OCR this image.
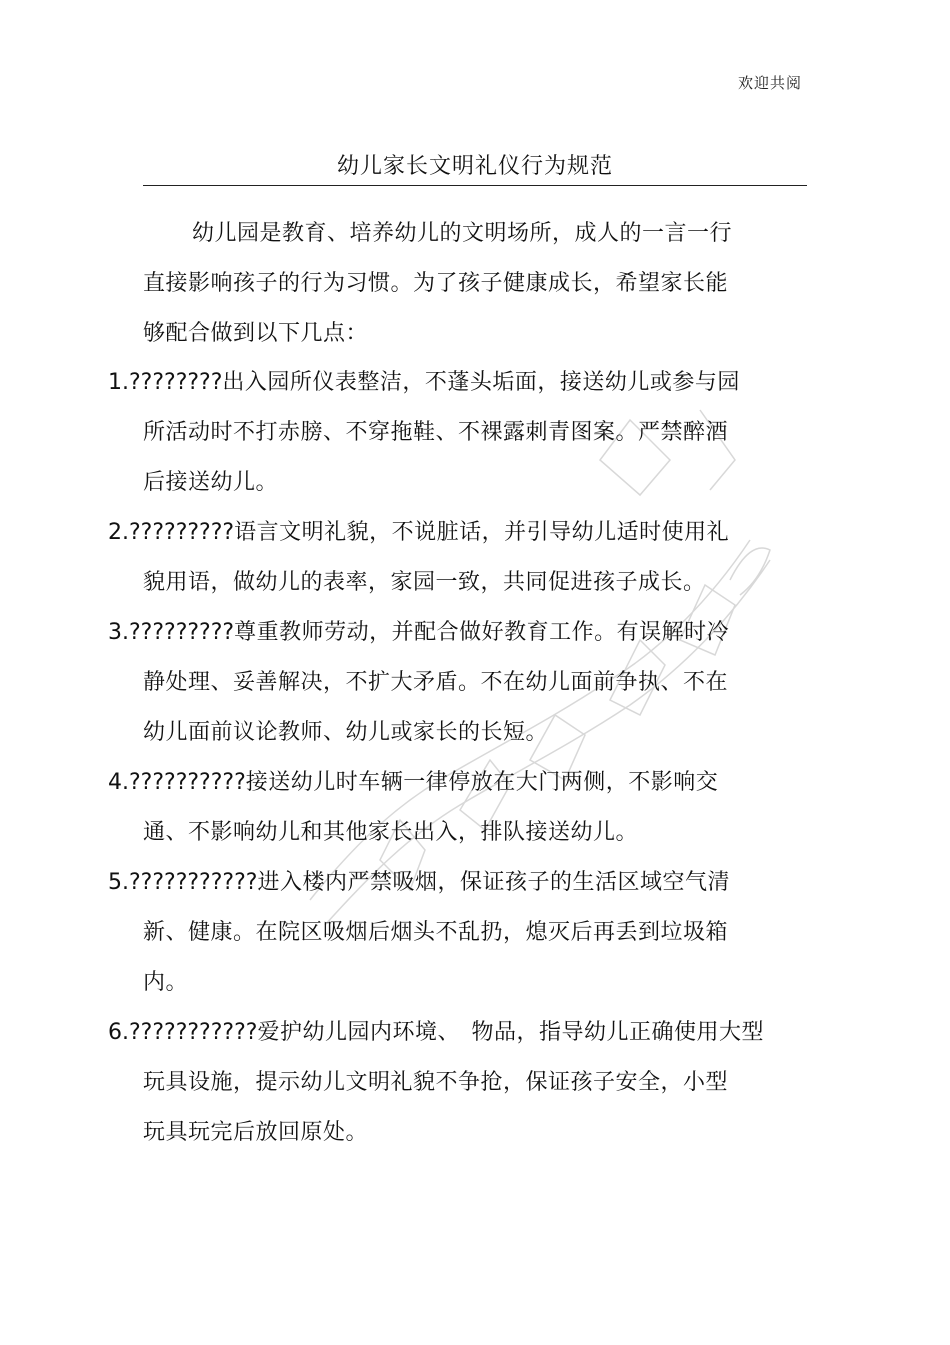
欢迎共阅
幼儿家长文明礼仪行为规范
幼儿园是教育、培养幼儿的文明场所，成人的一言一行
直接影响孩子的行为习惯。为了孩子健康成长，希望家长能
够配合做到以下几点：
1.????????出入园所仪表整洁，不蓬头垢面，接送幼儿或参与园
所活动时不打赤膀、不穿拖鞋、不裸露刺青图案。严禁醉酒
后接送幼儿。
2.?????????语言文明礼貌，不说脏话，并引导幼儿适时使用礼
貌用语，做幼儿的表率，家园一致，共同促进孩子成长。
3.?????????尊重教师劳动，并配合做好教育工作。有误解时冷
静处理、妥善解决，不扩大矛盾。不在幼儿面前争执、不在
幼儿面前议论教师、幼儿或家长的长短。
4.??????????接送幼儿时车辆一律停放在大门两侧，不影响交
通、不影响幼儿和其他家长出入，排队接送幼儿。
5.???????????进入楼内严禁吸烟，保证孩子的生活区域空气清
新、健康。在院区吸烟后烟头不乱扔，熄灭后再丢到垃圾箱
内。
6.???????????爱护幼儿园内环境、　物品，指导幼儿正确使用大型
玩具设施，提示幼儿文明礼貌不争抢，保证孩子安全，小型
玩具玩完后放回原处。
